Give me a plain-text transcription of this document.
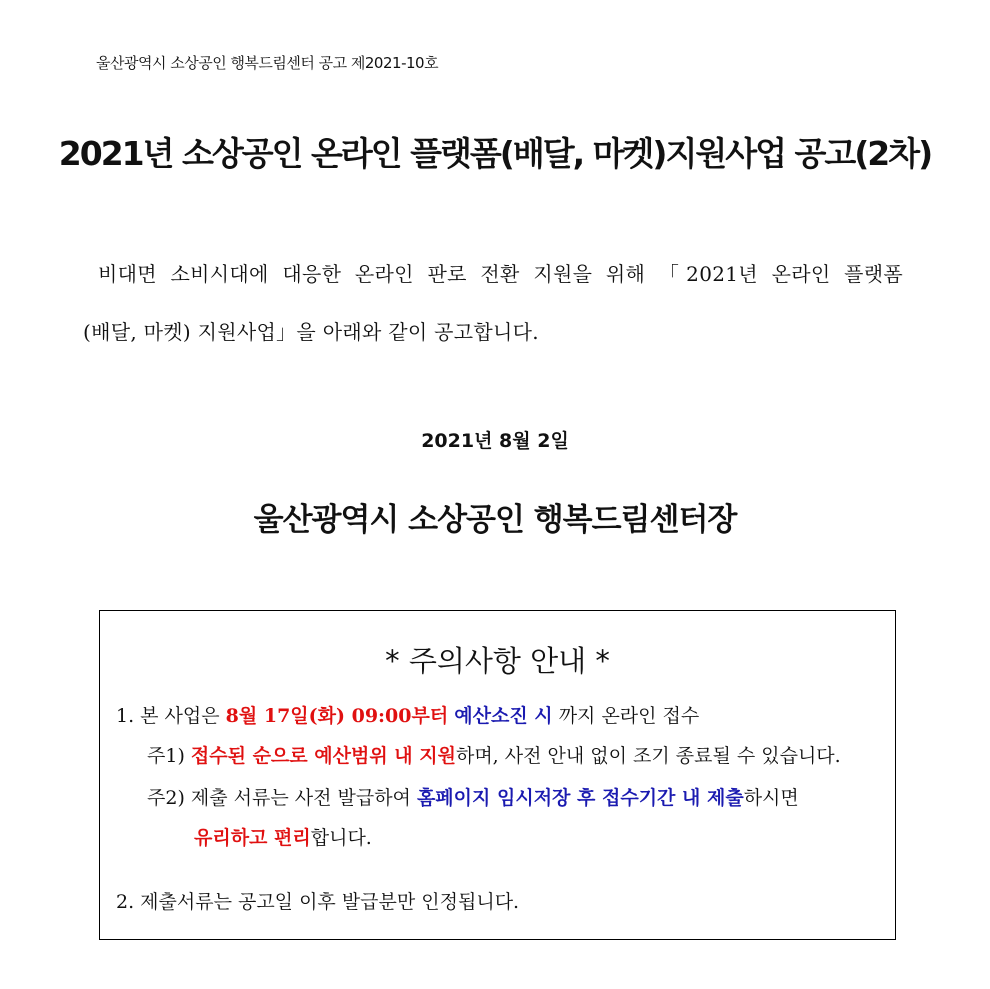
울산광역시 소상공인 행복드림센터 공고 제2021-10호
2021년 소상공인 온라인 플랫폼(배달, 마켓)지원사업 공고(2차)
비대면 소비시대에 대응한 온라인 판로 전환 지원을 위해 「2021년 온라인 플랫폼
(배달, 마켓) 지원사업」을 아래와 같이 공고합니다.
2021년 8월 2일
울산광역시 소상공인 행복드림센터장
* 주의사항 안내 *
1. 본 사업은 8월 17일(화) 09:00부터 예산소진 시 까지 온라인 접수
주1) 접수된 순으로 예산범위 내 지원하며, 사전 안내 없이 조기 종료될 수 있습니다.
주2) 제출 서류는 사전 발급하여 홈페이지 임시저장 후 접수기간 내 제출하시면
유리하고 편리합니다.
2. 제출서류는 공고일 이후 발급분만 인정됩니다.
